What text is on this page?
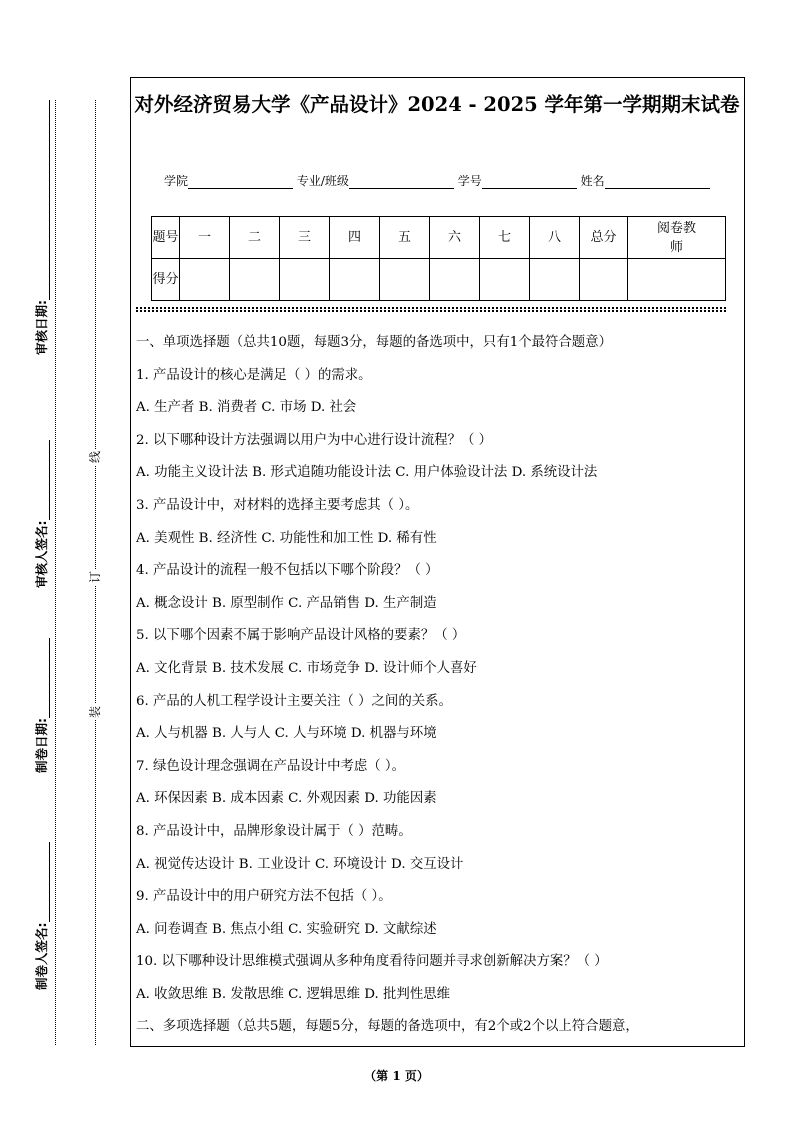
审核日期:
审核人签名:
制卷日期:
制卷人签名:
线
订
装
对外经济贸易大学《产品设计》2024 - 2025 学年第一学期期末试卷
学院	专业/班级	学号	姓名
题号	一	二	三	四	五	六	七	八	总分	阅卷教师
得分										
一、单项选择题（总共10题，每题3分，每题的备选项中，只有1个最符合题意）
1. 产品设计的核心是满足（ ）的需求。
A. 生产者 B. 消费者 C. 市场 D. 社会
2. 以下哪种设计方法强调以用户为中心进行设计流程？（ ）
A. 功能主义设计法 B. 形式追随功能设计法 C. 用户体验设计法 D. 系统设计法
3. 产品设计中，对材料的选择主要考虑其（ ）。
A. 美观性 B. 经济性 C. 功能性和加工性 D. 稀有性
4. 产品设计的流程一般不包括以下哪个阶段？（ ）
A. 概念设计 B. 原型制作 C. 产品销售 D. 生产制造
5. 以下哪个因素不属于影响产品设计风格的要素？（ ）
A. 文化背景 B. 技术发展 C. 市场竞争 D. 设计师个人喜好
6. 产品的人机工程学设计主要关注（ ）之间的关系。
A. 人与机器 B. 人与人 C. 人与环境 D. 机器与环境
7. 绿色设计理念强调在产品设计中考虑（ ）。
A. 环保因素 B. 成本因素 C. 外观因素 D. 功能因素
8. 产品设计中，品牌形象设计属于（ ）范畴。
A. 视觉传达设计 B. 工业设计 C. 环境设计 D. 交互设计
9. 产品设计中的用户研究方法不包括（ ）。
A. 问卷调查 B. 焦点小组 C. 实验研究 D. 文献综述
10. 以下哪种设计思维模式强调从多种角度看待问题并寻求创新解决方案？（ ）
A. 收敛思维 B. 发散思维 C. 逻辑思维 D. 批判性思维
二、多项选择题（总共5题，每题5分，每题的备选项中，有2个或2个以上符合题意，
（第 1 页）
